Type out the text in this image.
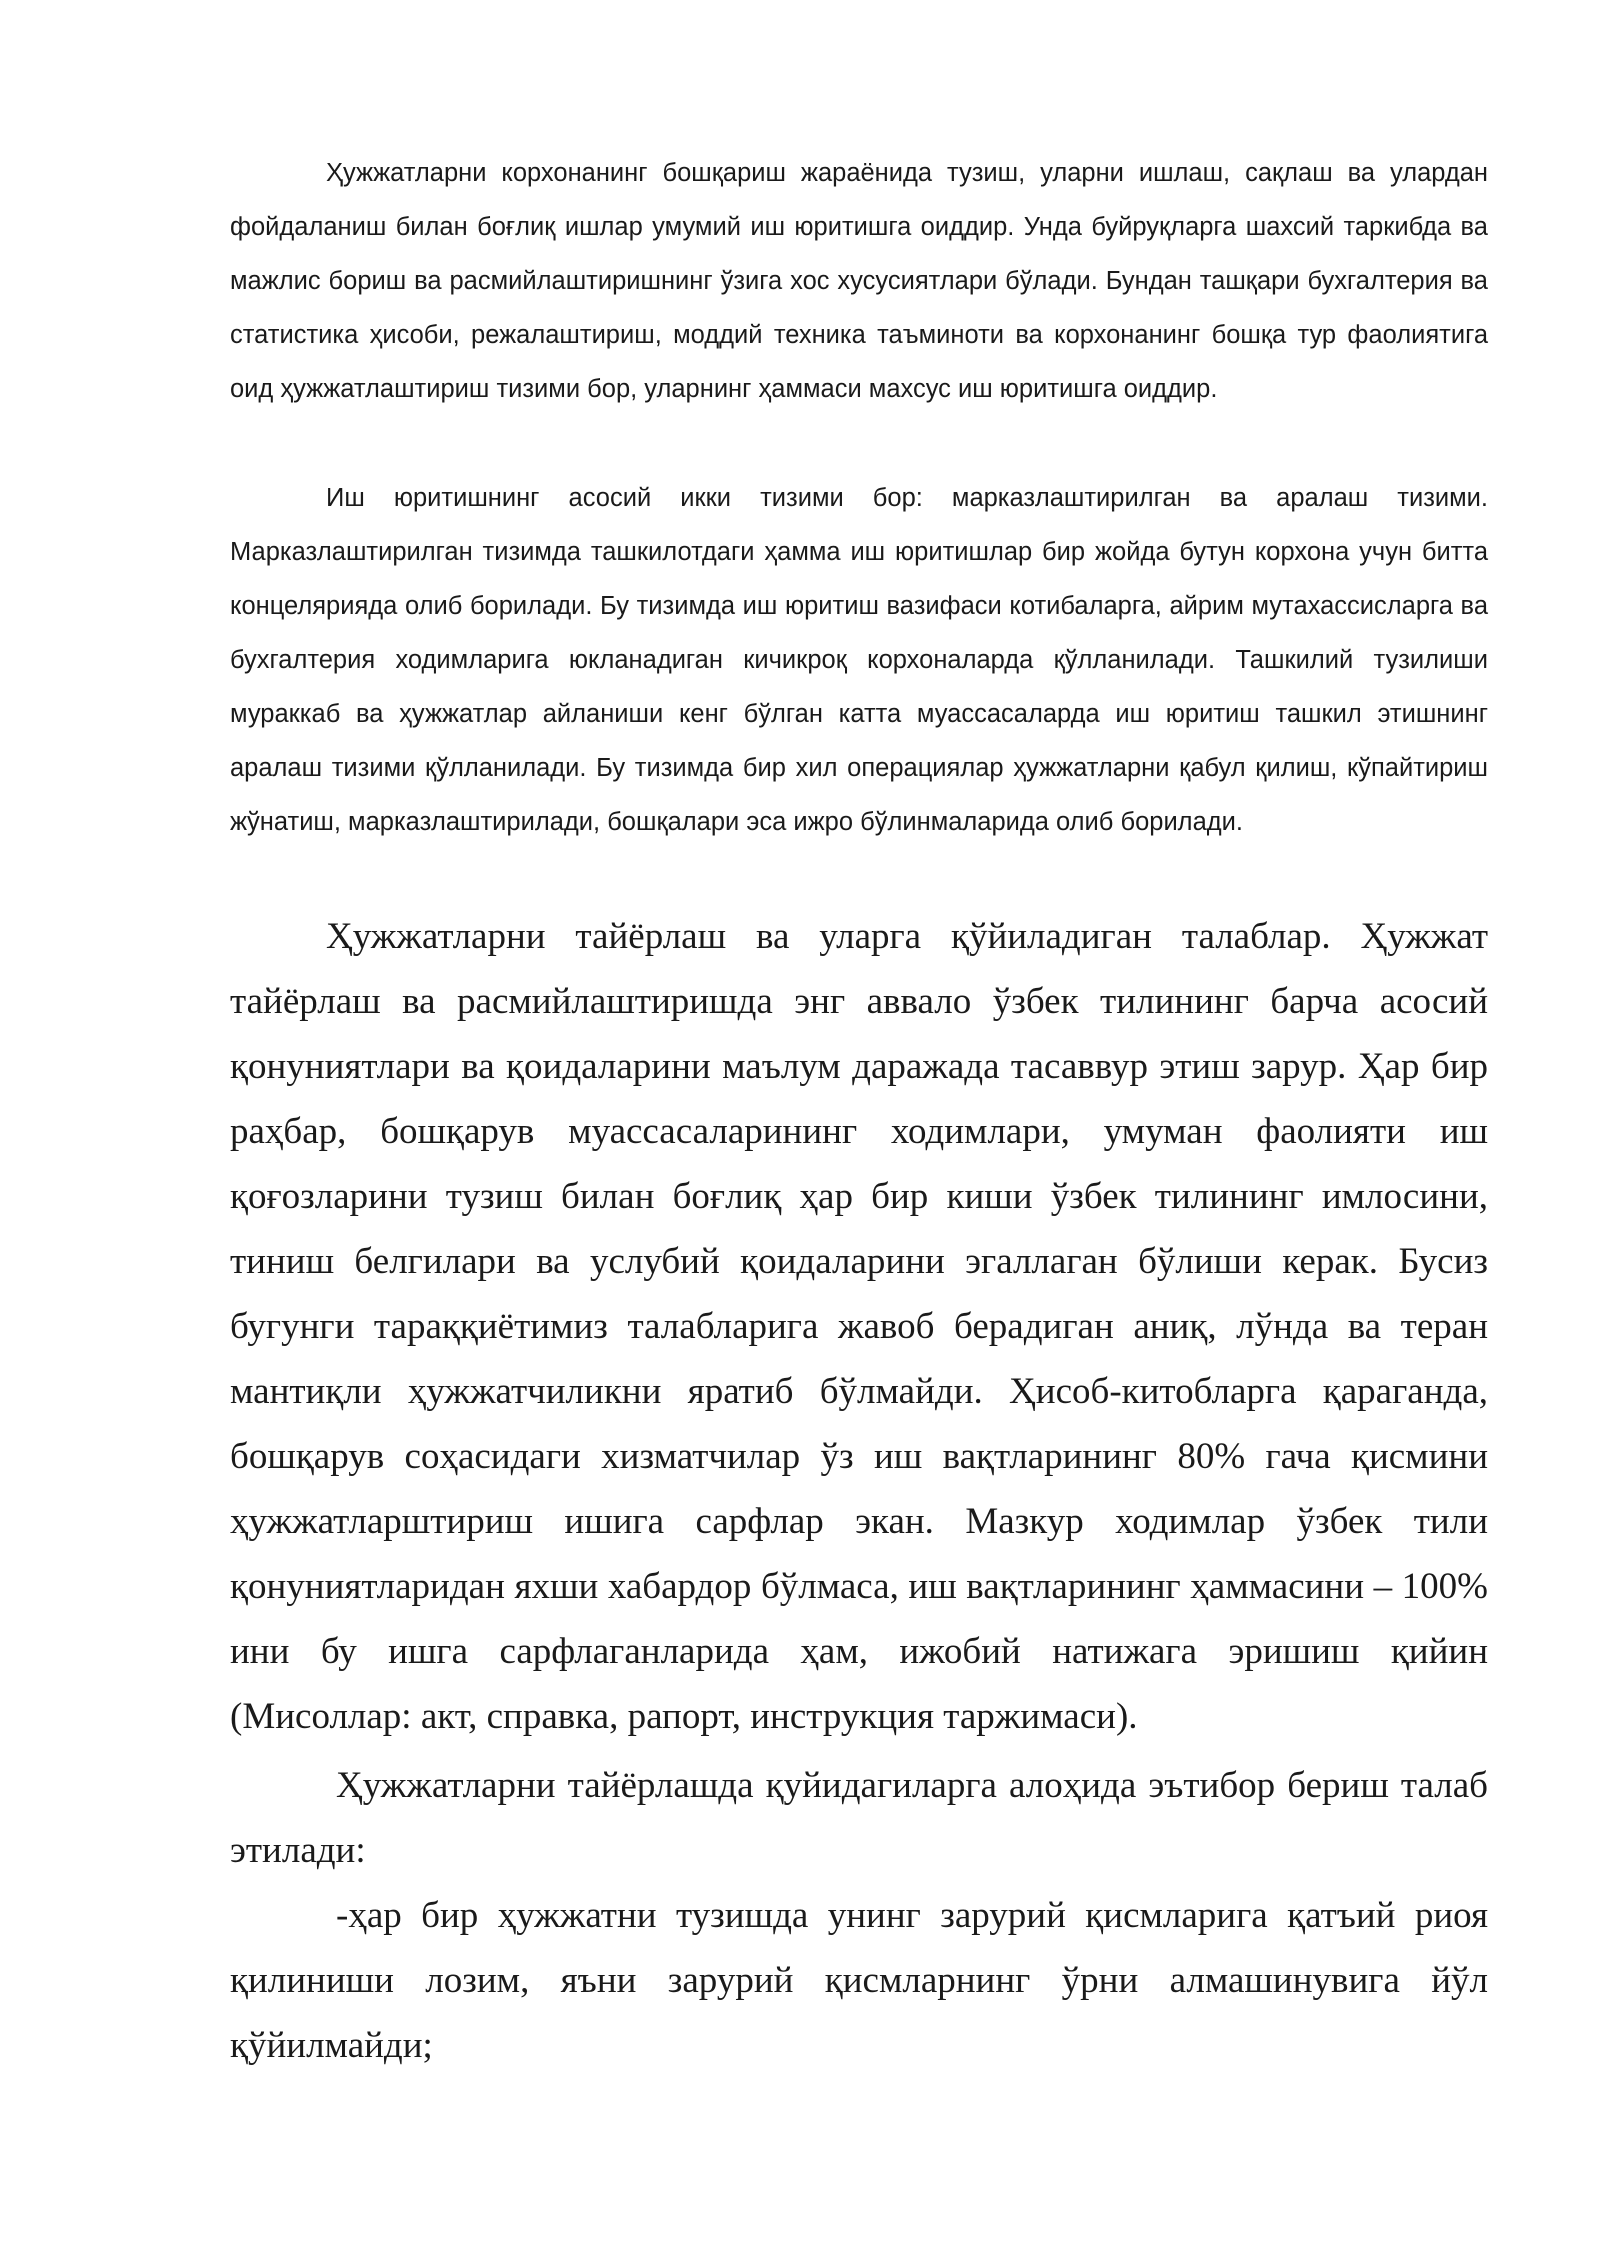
Ҳужжатларни корхонанинг бошқариш жараёнида тузиш, уларни ишлаш, сақлаш ва улардан фойдаланиш билан боғлиқ ишлар умумий иш юритишга оиддир. Унда буйруқларга шахсий таркибда ва мажлис бориш ва расмийлаштиришнинг ўзига хос хусусиятлари бўлади. Бундан ташқари бухгалтерия ва статистика ҳисоби, режалаштириш, моддий техника таъминоти ва корхонанинг бошқа тур фаолиятига оид ҳужжатлаштириш тизими бор, уларнинг ҳаммаси махсус иш юритишга оиддир.

Иш юритишнинг асосий икки тизими бор: марказлаштирилган ва аралаш тизими. Марказлаштирилган тизимда ташкилотдаги ҳамма иш юритишлар бир жойда бутун корхона учун битта концелярияда олиб борилади. Бу тизимда иш юритиш вазифаси котибаларга, айрим мутахассисларга ва бухгалтерия ходимларига юкланадиган кичикроқ корхоналарда қўлланилади. Ташкилий тузилиши мураккаб ва ҳужжатлар айланиши кенг бўлган катта муассасаларда иш юритиш ташкил этишнинг аралаш тизими қўлланилади. Бу тизимда бир хил операциялар ҳужжатларни қабул қилиш, кўпайтириш жўнатиш, марказлаштирилади, бошқалари эса ижро бўлинмаларида олиб борилади.

Ҳужжатларни тайёрлаш ва уларга қўйиладиган талаблар. Ҳужжат тайёрлаш ва расмийлаштиришда энг аввало ўзбек тилининг барча асосий қонуниятлари ва қоидаларини маълум даражада тасаввур этиш зарур. Ҳар бир раҳбар, бошқарув муассасаларининг ходимлари, умуман фаолияти иш қоғозларини тузиш билан боғлиқ ҳар бир киши ўзбек тилининг имлосини, тиниш белгилари ва услубий қоидаларини эгаллаган бўлиши керак. Бусиз бугунги тараққиётимиз талабларига жавоб берадиган аниқ, лўнда ва теран мантиқли ҳужжатчиликни яратиб бўлмайди. Ҳисоб-китобларга қараганда, бошқарув соҳасидаги хизматчилар ўз иш вақтларининг 80% гача қисмини ҳужжатларштириш ишига сарфлар экан. Мазкур ходимлар ўзбек тили қонуниятларидан яхши хабардор бўлмаса, иш вақтларининг ҳаммасини – 100% ини бу ишга сарфлаганларида ҳам, ижобий натижага эришиш қийин (Мисоллар: акт, справка, рапорт, инструкция таржимаси).

Ҳужжатларни тайёрлашда қуйидагиларга алоҳида эътибор бериш талаб этилади:

-ҳар бир ҳужжатни тузишда унинг зарурий қисмларига қатъий риоя қилиниши лозим, яъни зарурий қисмларнинг ўрни алмашинувига йўл қўйилмайди;
